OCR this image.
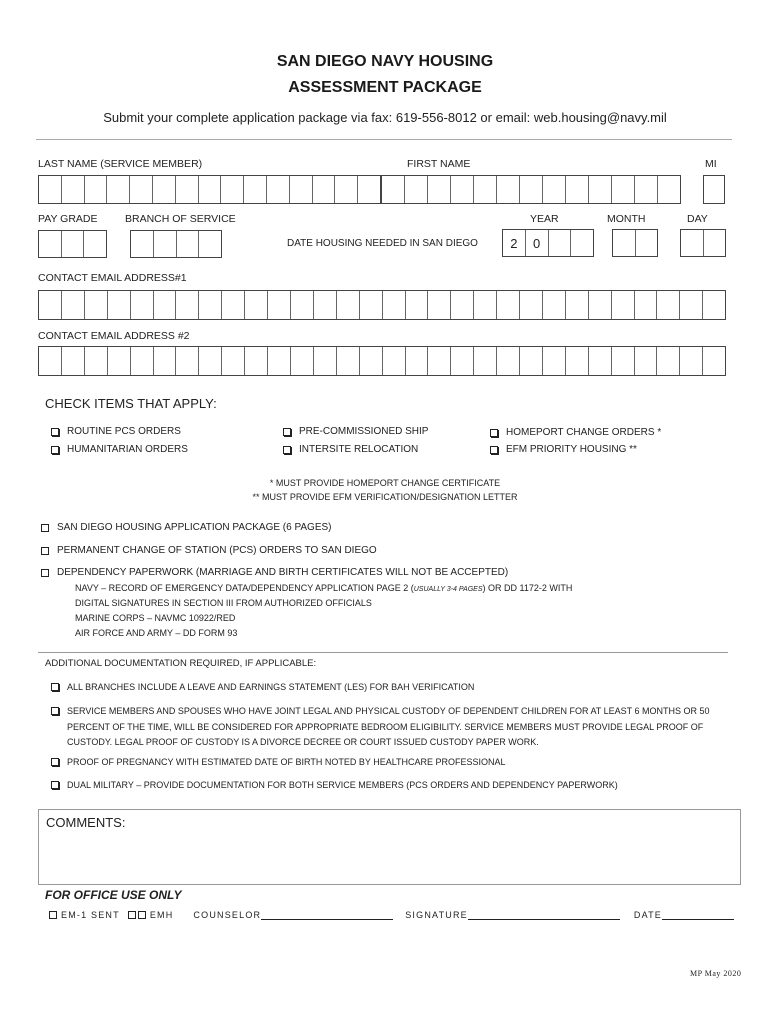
SAN DIEGO NAVY HOUSING
ASSESSMENT PACKAGE
Submit your complete application package via fax: 619-556-8012 or email: web.housing@navy.mil
LAST NAME (SERVICE MEMBER)	FIRST NAME	MI
PAY GRADE	BRANCH OF SERVICE	YEAR	MONTH	DAY
DATE HOUSING NEEDED IN SAN DIEGO	2	0
CONTACT EMAIL ADDRESS#1
CONTACT EMAIL ADDRESS #2
CHECK ITEMS THAT APPLY:
ROUTINE PCS ORDERS
HUMANITARIAN ORDERS
PRE-COMMISSIONED SHIP
INTERSITE RELOCATION
HOMEPORT CHANGE ORDERS *
EFM PRIORITY HOUSING **
* MUST PROVIDE HOMEPORT CHANGE CERTIFICATE
** MUST PROVIDE EFM VERIFICATION/DESIGNATION LETTER
SAN DIEGO HOUSING APPLICATION PACKAGE (6 PAGES)
PERMANENT CHANGE OF STATION (PCS) ORDERS TO SAN DIEGO
DEPENDENCY PAPERWORK (MARRIAGE AND BIRTH CERTIFICATES WILL NOT BE ACCEPTED)
NAVY – RECORD OF EMERGENCY DATA/DEPENDENCY APPLICATION PAGE 2 (USUALLY 3-4 PAGES) OR DD 1172-2 WITH
DIGITAL SIGNATURES IN SECTION III FROM AUTHORIZED OFFICIALS
MARINE CORPS – NAVMC 10922/RED
AIR FORCE AND ARMY – DD FORM 93
ADDITIONAL DOCUMENTATION REQUIRED, IF APPLICABLE:
ALL BRANCHES INCLUDE A LEAVE AND EARNINGS STATEMENT (LES) FOR BAH VERIFICATION
SERVICE MEMBERS AND SPOUSES WHO HAVE JOINT LEGAL AND PHYSICAL CUSTODY OF DEPENDENT CHILDREN FOR AT LEAST 6 MONTHS OR 50
PERCENT OF THE TIME, WILL BE CONSIDERED FOR APPROPRIATE BEDROOM ELIGIBILITY. SERVICE MEMBERS MUST PROVIDE LEGAL PROOF OF
CUSTODY. LEGAL PROOF OF CUSTODY IS A DIVORCE DECREE OR COURT ISSUED CUSTODY PAPER WORK.
PROOF OF PREGNANCY WITH ESTIMATED DATE OF BIRTH NOTED BY HEALTHCARE PROFESSIONAL
DUAL MILITARY – PROVIDE DOCUMENTATION FOR BOTH SERVICE MEMBERS (PCS ORDERS AND DEPENDENCY PAPERWORK)
COMMENTS:
FOR OFFICE USE ONLY
EM-1 SENT	EMH COUNSELOR	SIGNATURE	DATE
MP May 2020
